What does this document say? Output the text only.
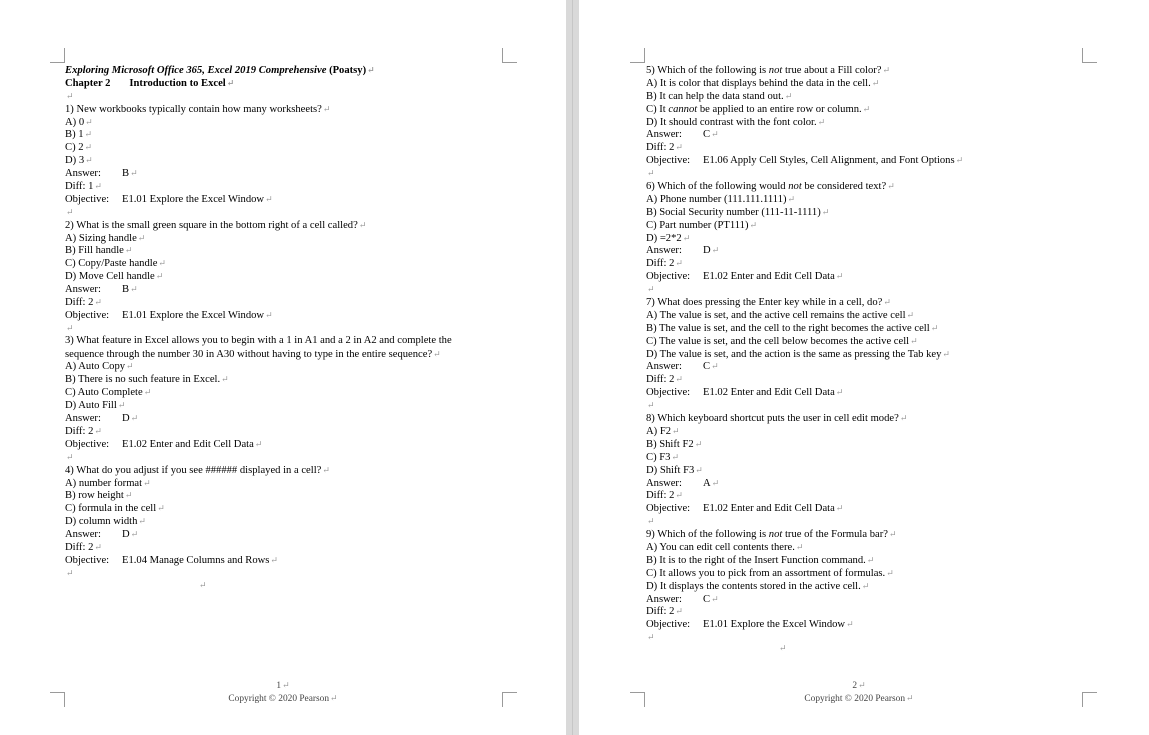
Exploring Microsoft Office 365, Excel 2019 Comprehensive (Poatsy)↵
Chapter 2 Introduction to Excel↵
↵
1) New workbooks typically contain how many worksheets?↵
A) 0↵
B) 1↵
C) 2↵
D) 3↵
Answer: B↵
Diff: 1↵
Objective: E1.01 Explore the Excel Window↵
↵
2) What is the small green square in the bottom right of a cell called?↵
A) Sizing handle↵
B) Fill handle↵
C) Copy/Paste handle↵
D) Move Cell handle↵
Answer: B↵
Diff: 2↵
Objective: E1.01 Explore the Excel Window↵
↵
3) What feature in Excel allows you to begin with a 1 in A1 and a 2 in A2 and complete the
sequence through the number 30 in A30 without having to type in the entire sequence?↵
A) Auto Copy↵
B) There is no such feature in Excel.↵
C) Auto Complete↵
D) Auto Fill↵
Answer: D↵
Diff: 2↵
Objective: E1.02 Enter and Edit Cell Data↵
↵
4) What do you adjust if you see ###### displayed in a cell?↵
A) number format↵
B) row height↵
C) formula in the cell↵
D) column width↵
Answer: D↵
Diff: 2↵
Objective: E1.04 Manage Columns and Rows↵
↵
↵
1↵
Copyright © 2020 Pearson↵
5) Which of the following is not true about a Fill color?↵
A) It is color that displays behind the data in the cell.↵
B) It can help the data stand out.↵
C) It cannot be applied to an entire row or column.↵
D) It should contrast with the font color.↵
Answer: C↵
Diff: 2↵
Objective: E1.06 Apply Cell Styles, Cell Alignment, and Font Options↵
↵
6) Which of the following would not be considered text?↵
A) Phone number (111.111.1111)↵
B) Social Security number (111-11-1111)↵
C) Part number (PT111)↵
D) =2*2↵
Answer: D↵
Diff: 2↵
Objective: E1.02 Enter and Edit Cell Data↵
↵
7) What does pressing the Enter key while in a cell, do?↵
A) The value is set, and the active cell remains the active cell↵
B) The value is set, and the cell to the right becomes the active cell↵
C) The value is set, and the cell below becomes the active cell↵
D) The value is set, and the action is the same as pressing the Tab key↵
Answer: C↵
Diff: 2↵
Objective: E1.02 Enter and Edit Cell Data↵
↵
8) Which keyboard shortcut puts the user in cell edit mode?↵
A) F2↵
B) Shift F2↵
C) F3↵
D) Shift F3↵
Answer: A↵
Diff: 2↵
Objective: E1.02 Enter and Edit Cell Data↵
↵
9) Which of the following is not true of the Formula bar?↵
A) You can edit cell contents there.↵
B) It is to the right of the Insert Function command.↵
C) It allows you to pick from an assortment of formulas.↵
D) It displays the contents stored in the active cell.↵
Answer: C↵
Diff: 2↵
Objective: E1.01 Explore the Excel Window↵
↵
↵
2↵
Copyright © 2020 Pearson↵
